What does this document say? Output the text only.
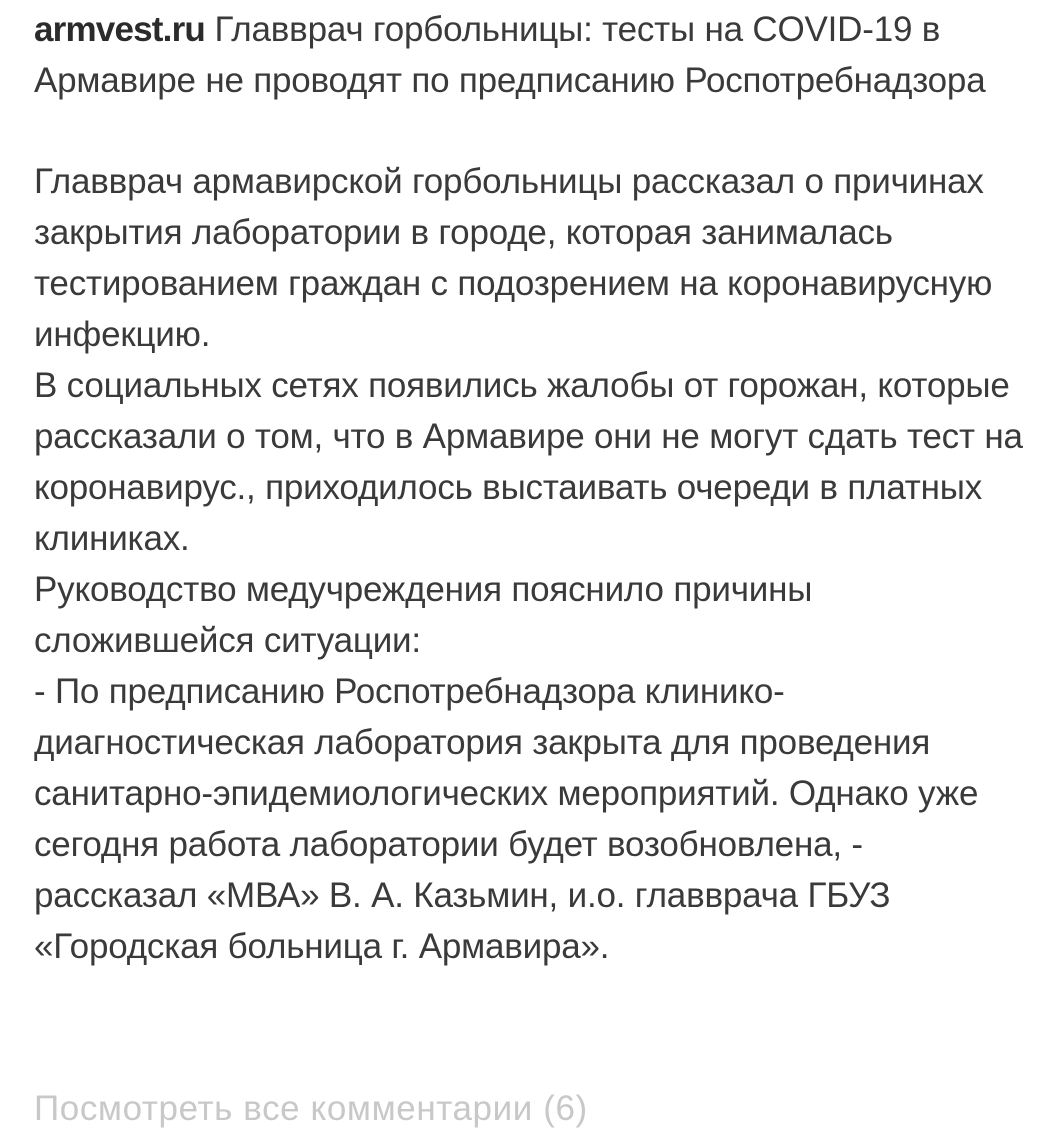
armvest.ru Главврач горбольницы: тесты на COVID-19 в Армавире не проводят по предписанию Роспотребнадзора

Главврач армавирской горбольницы рассказал о причинах закрытия лаборатории в городе, которая занималась тестированием граждан с подозрением на коронавирусную инфекцию.

В социальных сетях появились жалобы от горожан, которые рассказали о том, что в Армавире они не могут сдать тест на коронавирус., приходилось выстаивать очереди в платных клиниках.

Руководство медучреждения пояснило причины сложившейся ситуации:

- По предписанию Роспотребнадзора клинико-диагностическая лаборатория закрыта для проведения санитарно-эпидемиологических мероприятий. Однако уже сегодня работа лаборатории будет возобновлена, - рассказал «МВА» В. А. Казьмин, и.о. главврача ГБУЗ «Городская больница г. Армавира».

Посмотреть все комментарии (6)
